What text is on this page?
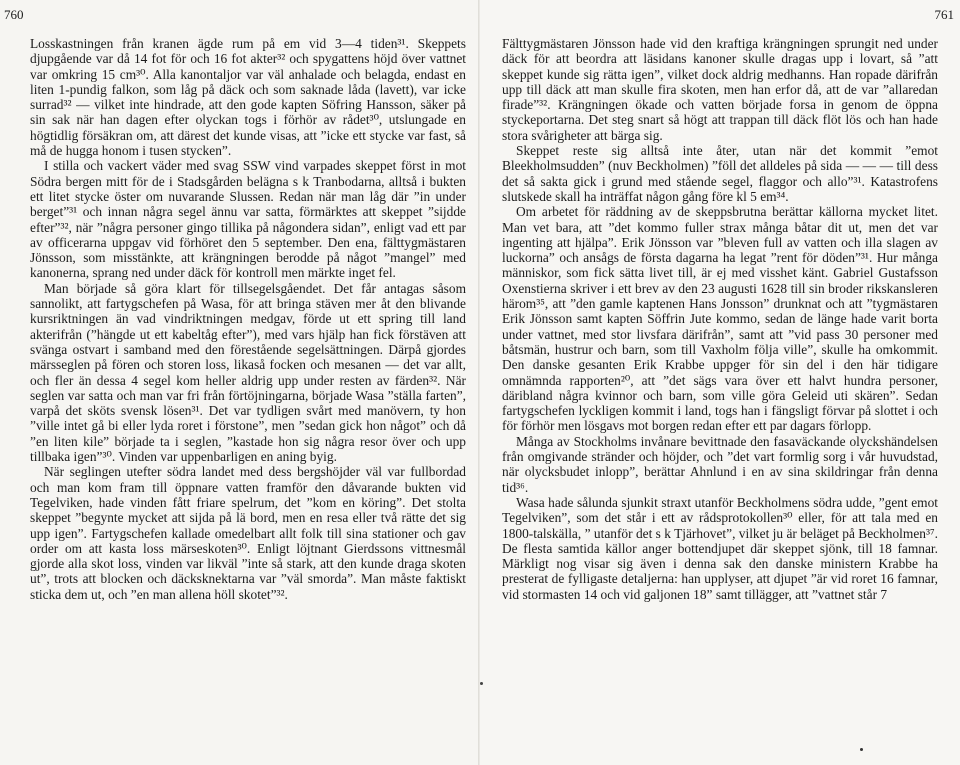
760

Losskastningen från kranen ägde rum på em vid 3—4 tiden³¹. Skeppets djupgående var då 14 fot för och 16 fot akter³² och spygattens höjd över vattnet var omkring 15 cm³⁰. Alla kanontaljor var väl anhalade och belagda, endast en liten 1-pundig falkon, som låg på däck och som saknade låda (lavett), var icke surrad³² — vilket inte hindrade, att den gode kapten Söfring Hansson, säker på sin sak när han dagen efter olyckan togs i förhör av rådet³⁰, utslungade en högtidlig försäkran om, att därest det kunde visas, att ”icke ett stycke var fast, så må de hugga honom i tusen stycken”.

I stilla och vackert väder med svag SSW vind varpades skeppet först in mot Södra bergen mitt för de i Stadsgården belägna s k Tranbodarna, alltså i bukten ett litet stycke öster om nuvarande Slussen. Redan när man låg där ”in under berget”³¹ och innan några segel ännu var satta, förmärktes att skeppet ”sijdde efter”³², när ”några personer gingo tillika på någondera sidan”, enligt vad ett par av officerarna uppgav vid förhöret den 5 september. Den ena, fälttygmästaren Jönsson, som misstänkte, att krängningen berodde på något ”mangel” med kanonerna, sprang ned under däck för kontroll men märkte inget fel.

Man började så göra klart för tillsegelsgåendet. Det får antagas såsom sannolikt, att fartygschefen på Wasa, för att bringa stäven mer åt den blivande kursriktningen än vad vindriktningen medgav, förde ut ett spring till land akterifrån (”hängde ut ett kabeltåg efter”), med vars hjälp han fick förstäven att svänga ostvart i samband med den förestående segelsättningen. Därpå gjordes märsseglen på fören och storen loss, likaså focken och mesanen — det var allt, och fler än dessa 4 segel kom heller aldrig upp under resten av färden³². När seglen var satta och man var fri från förtöjningarna, började Wasa ”ställa farten”, varpå det sköts svensk lösen³¹. Det var tydligen svårt med manövern, ty hon ”ville intet gå bi eller lyda roret i förstone”, men ”sedan gick hon något” och då ”en liten kile” började ta i seglen, ”kastade hon sig några resor över och upp tillbaka igen”³⁰. Vinden var uppenbarligen en aning byig.

När seglingen utefter södra landet med dess bergshöjder väl var fullbordad och man kom fram till öppnare vatten framför den dåvarande bukten vid Tegelviken, hade vinden fått friare spelrum, det ”kom en köring”. Det stolta skeppet ”begynte mycket att sijda på lä bord, men en resa eller två rätte det sig upp igen”. Fartygschefen kallade omedelbart allt folk till sina stationer och gav order om att kasta loss märseskoten³⁰. Enligt löjtnant Gierdssons vittnesmål gjorde alla skot loss, vinden var likväl ”inte så stark, att den kunde draga skoten ut”, trots att blocken och däcksknektarna var ”väl smorda”. Man måste faktiskt sticka dem ut, och ”en man allena höll skotet”³².

761

Fälttygmästaren Jönsson hade vid den kraftiga krängningen sprungit ned under däck för att beordra att läsidans kanoner skulle dragas upp i lovart, så ”att skeppet kunde sig rätta igen”, vilket dock aldrig medhanns. Han ropade därifrån upp till däck att man skulle fira skoten, men han erfor då, att de var ”allaredan firade”³². Krängningen ökade och vatten började forsa in genom de öppna styckeportarna. Det steg snart så högt att trappan till däck flöt lös och han hade stora svårigheter att bärga sig.

Skeppet reste sig alltså inte åter, utan när det kommit ”emot Bleekholmsudden” (nuv Beckholmen) ”föll det alldeles på sida — — — till dess det så sakta gick i grund med stående segel, flaggor och allo”³¹. Katastrofens slutskede skall ha inträffat någon gång före kl 5 em³⁴.

Om arbetet för räddning av de skeppsbrutna berättar källorna mycket litet. Man vet bara, att ”det kommo fuller strax många båtar dit ut, men det var ingenting att hjälpa”. Erik Jönsson var ”bleven full av vatten och illa slagen av luckorna” och ansågs de första dagarna ha legat ”rent för döden”³¹. Hur många människor, som fick sätta livet till, är ej med visshet känt. Gabriel Gustafsson Oxenstierna skriver i ett brev av den 23 augusti 1628 till sin broder rikskansleren härom³⁵, att ”den gamle kaptenen Hans Jonsson” drunknat och att ”tygmästaren Erik Jönsson samt kapten Söffrin Jute kommo, sedan de länge hade varit borta under vattnet, med stor livsfara därifrån”, samt att ”vid pass 30 personer med båtsmän, hustrur och barn, som till Vaxholm följa ville”, skulle ha omkommit. Den danske gesanten Erik Krabbe uppger för sin del i den här tidigare omnämnda rapporten²⁰, att ”det sägs vara över ett halvt hundra personer, däribland några kvinnor och barn, som ville göra Geleid uti skären”. Sedan fartygschefen lyckligen kommit i land, togs han i fängsligt förvar på slottet i och för förhör men lösgavs mot borgen redan efter ett par dagars förlopp.

Många av Stockholms invånare bevittnade den fasaväckande olyckshändelsen från omgivande stränder och höjder, och ”det vart formlig sorg i vår huvudstad, när olycksbudet inlopp”, berättar Ahnlund i en av sina skildringar från denna tid³⁶.

Wasa hade sålunda sjunkit straxt utanför Beckholmens södra udde, ”gent emot Tegelviken”, som det står i ett av rådsprotokollen³⁰ eller, för att tala med en 1800-talskälla, ” utanför det s k Tjärhovet”, vilket ju är beläget på Beckholmen³⁷. De flesta samtida källor anger bottendjupet där skeppet sjönk, till 18 famnar. Märkligt nog visar sig även i denna sak den danske ministern Krabbe ha presterat de fylligaste detaljerna: han upplyser, att djupet ”är vid roret 16 famnar, vid stormasten 14 och vid galjonen 18” samt tillägger, att ”vattnet står 7
